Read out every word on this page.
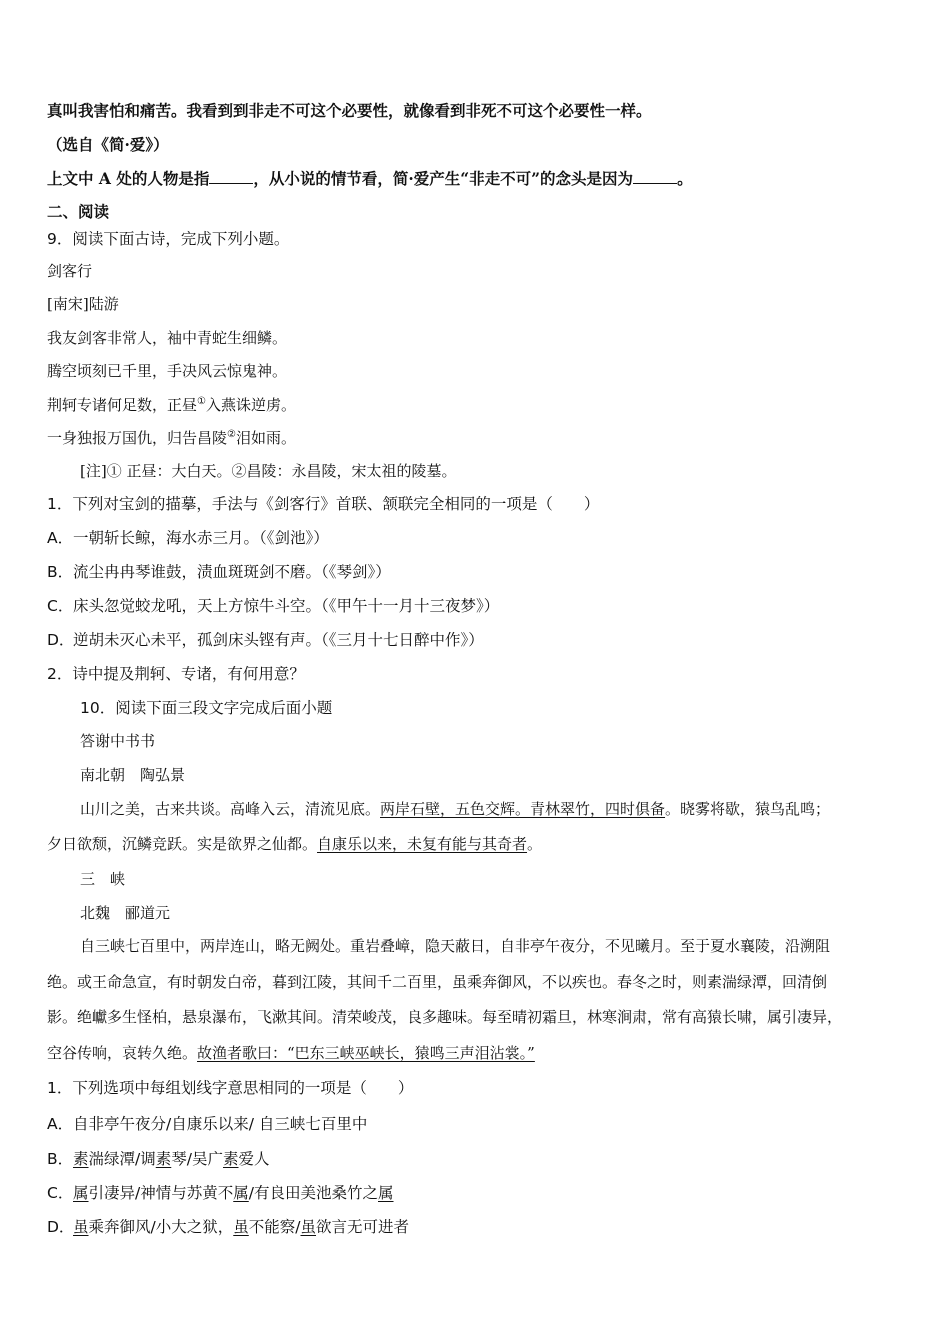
真叫我害怕和痛苦。我看到到非走不可这个必要性，就像看到非死不可这个必要性一样。
（选自《简·爱》）
上文中 A 处的人物是指	，从小说的情节看，简·爱产生“非走不可”的念头是因为	。
二、阅读
9．阅读下面古诗，完成下列小题。
剑客行
[南宋]陆游
我友剑客非常人，袖中青蛇生细鳞。
腾空顷刻已千里，手决风云惊鬼神。
荆轲专诸何足数，正昼①入燕诛逆虏。
一身独报万国仇，归告昌陵②泪如雨。
[注]① 正昼：大白天。②昌陵：永昌陵，宋太祖的陵墓。
1．下列对宝剑的描摹，手法与《剑客行》首联、颔联完全相同的一项是（　　）
A．一朝斩长鲸，海水赤三月。（《剑池》）
B．流尘冉冉琴谁鼓，渍血斑斑剑不磨。（《琴剑》）
C．床头忽觉蛟龙吼，天上方惊牛斗空。（《甲午十一月十三夜梦》）
D．逆胡未灭心未平，孤剑床头铿有声。（《三月十七日醉中作》）
2．诗中提及荆轲、专诸，有何用意？
10．阅读下面三段文字完成后面小题
答谢中书书
南北朝　陶弘景
山川之美，古来共谈。高峰入云，清流见底。两岸石壁，五色交辉。青林翠竹，四时俱备。晓雾将歇，猿鸟乱鸣；
夕日欲颓，沉鳞竞跃。实是欲界之仙都。自康乐以来，未复有能与其奇者。
三　峡
北魏　郦道元
自三峡七百里中，两岸连山，略无阙处。重岩叠嶂，隐天蔽日，自非亭午夜分，不见曦月。至于夏水襄陵，沿溯阻
绝。或王命急宣，有时朝发白帝，暮到江陵，其间千二百里，虽乘奔御风，不以疾也。春冬之时，则素湍绿潭，回清倒
影。绝巘多生怪柏，悬泉瀑布，飞漱其间。清荣峻茂，良多趣味。每至晴初霜旦，林寒涧肃，常有高猿长啸，属引凄异，
空谷传响，哀转久绝。故渔者歌曰：“巴东三峡巫峡长，猿鸣三声泪沾裳。”
1．下列选项中每组划线字意思相同的一项是（　　）
A．自非亭午夜分/自康乐以来/ 自三峡七百里中
B．素湍绿潭/调素琴/吴广素爱人
C．属引凄异/神情与苏黄不属/有良田美池桑竹之属
D．虽乘奔御风/小大之狱，虽不能察/虽欲言无可进者
